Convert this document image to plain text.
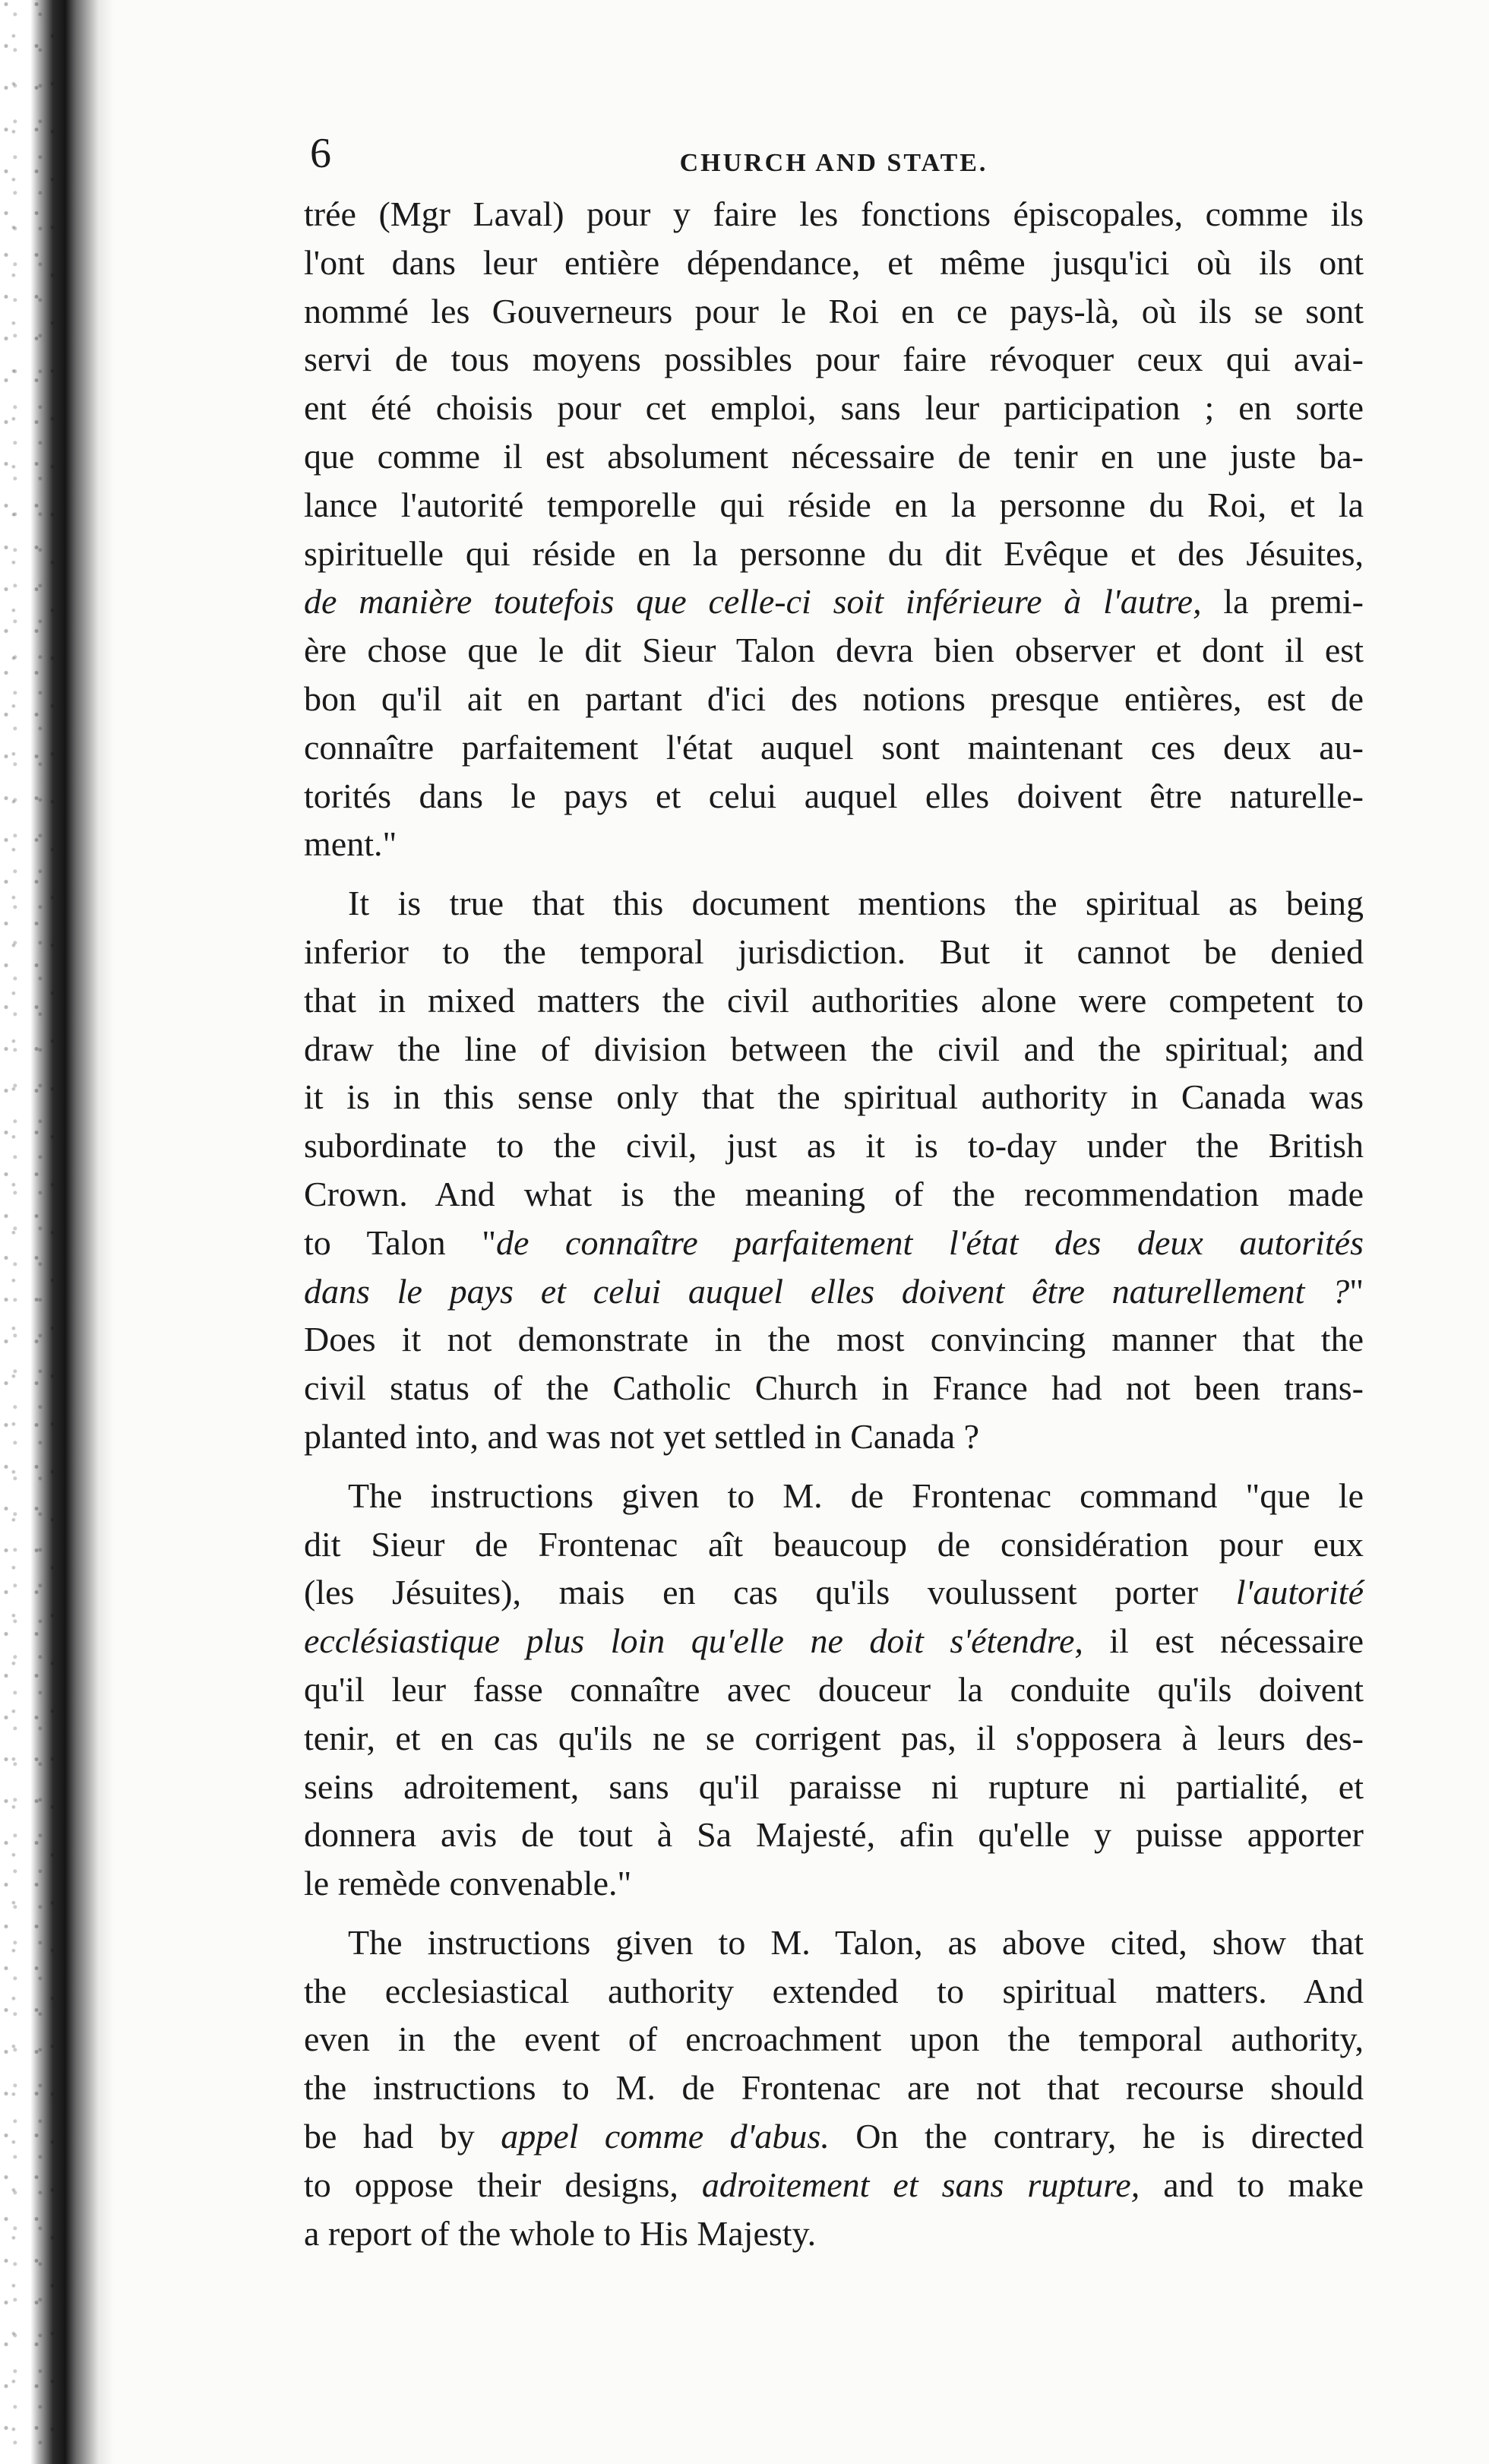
6	CHURCH AND STATE.
trée (Mgr Laval) pour y faire les fonctions épiscopales, comme ils
l'ont dans leur entière dépendance, et même jusqu'ici où ils ont
nommé les Gouverneurs pour le Roi en ce pays-là, où ils se sont
servi de tous moyens possibles pour faire révoquer ceux qui avai-
ent été choisis pour cet emploi, sans leur participation ; en sorte
que comme il est absolument nécessaire de tenir en une juste ba-
lance l'autorité temporelle qui réside en la personne du Roi, et la
spirituelle qui réside en la personne du dit Evêque et des Jésuites,
de manière toutefois que celle-ci soit inférieure à l'autre, la premi-
ère chose que le dit Sieur Talon devra bien observer et dont il est
bon qu'il ait en partant d'ici des notions presque entières, est de
connaître parfaitement l'état auquel sont maintenant ces deux au-
torités dans le pays et celui auquel elles doivent être naturelle-
ment."
It is true that this document mentions the spiritual as being
inferior to the temporal jurisdiction. But it cannot be denied
that in mixed matters the civil authorities alone were competent to
draw the line of division between the civil and the spiritual; and
it is in this sense only that the spiritual authority in Canada was
subordinate to the civil, just as it is to-day under the British
Crown. And what is the meaning of the recommendation made
to Talon "de connaître parfaitement l'état des deux autorités
dans le pays et celui auquel elles doivent être naturellement ?"
Does it not demonstrate in the most convincing manner that the
civil status of the Catholic Church in France had not been trans-
planted into, and was not yet settled in Canada ?
The instructions given to M. de Frontenac command "que le
dit Sieur de Frontenac aît beaucoup de considération pour eux
(les Jésuites), mais en cas qu'ils voulussent porter l'autorité
ecclésiastique plus loin qu'elle ne doit s'étendre, il est nécessaire
qu'il leur fasse connaître avec douceur la conduite qu'ils doivent
tenir, et en cas qu'ils ne se corrigent pas, il s'opposera à leurs des-
seins adroitement, sans qu'il paraisse ni rupture ni partialité, et
donnera avis de tout à Sa Majesté, afin qu'elle y puisse apporter
le remède convenable."
The instructions given to M. Talon, as above cited, show that
the ecclesiastical authority extended to spiritual matters. And
even in the event of encroachment upon the temporal authority,
the instructions to M. de Frontenac are not that recourse should
be had by appel comme d'abus. On the contrary, he is directed
to oppose their designs, adroitement et sans rupture, and to make
a report of the whole to His Majesty.
